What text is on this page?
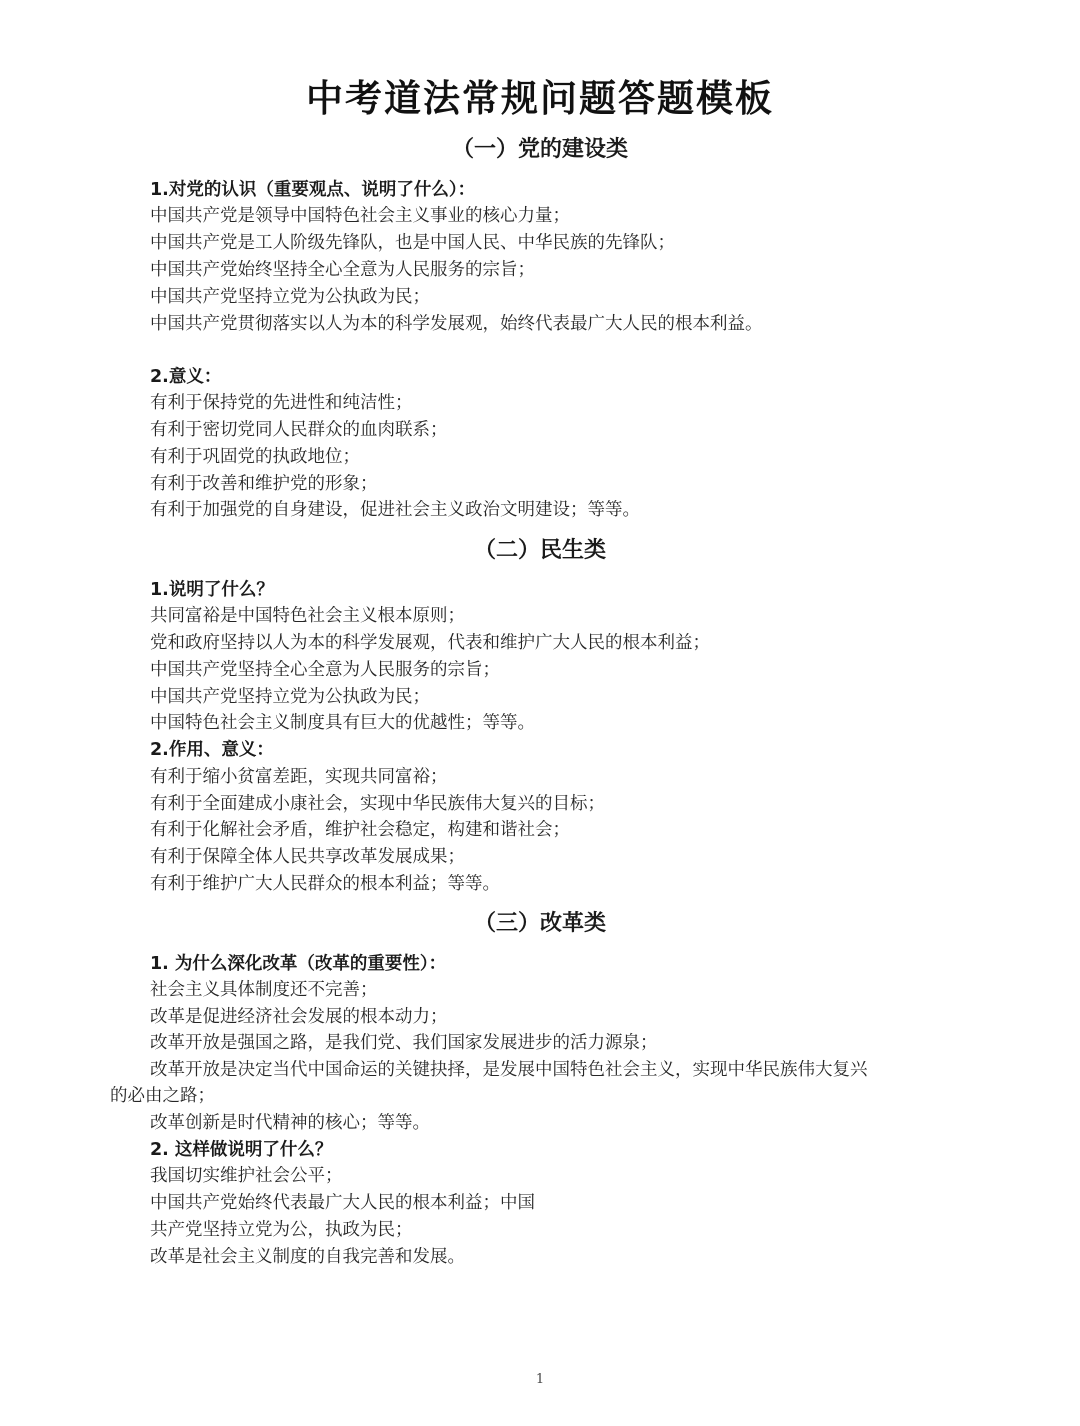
中考道法常规问题答题模板
（一）党的建设类
1.对党的认识（重要观点、说明了什么）：
中国共产党是领导中国特色社会主义事业的核心力量；
中国共产党是工人阶级先锋队，也是中国人民、中华民族的先锋队；
中国共产党始终坚持全心全意为人民服务的宗旨；
中国共产党坚持立党为公执政为民；
中国共产党贯彻落实以人为本的科学发展观，始终代表最广大人民的根本利益。
2.意义：
有利于保持党的先进性和纯洁性；
有利于密切党同人民群众的血肉联系；
有利于巩固党的执政地位；
有利于改善和维护党的形象；
有利于加强党的自身建设，促进社会主义政治文明建设；等等。
（二）民生类
1.说明了什么？
共同富裕是中国特色社会主义根本原则；
党和政府坚持以人为本的科学发展观，代表和维护广大人民的根本利益；
中国共产党坚持全心全意为人民服务的宗旨；
中国共产党坚持立党为公执政为民；
中国特色社会主义制度具有巨大的优越性；等等。
2.作用、意义：
有利于缩小贫富差距，实现共同富裕；
有利于全面建成小康社会，实现中华民族伟大复兴的目标；
有利于化解社会矛盾，维护社会稳定，构建和谐社会；
有利于保障全体人民共享改革发展成果；
有利于维护广大人民群众的根本利益；等等。
（三）改革类
1. 为什么深化改革（改革的重要性）：
社会主义具体制度还不完善；
改革是促进经济社会发展的根本动力；
改革开放是强国之路，是我们党、我们国家发展进步的活力源泉；
改革开放是决定当代中国命运的关键抉择，是发展中国特色社会主义，实现中华民族伟大复兴
的必由之路；
改革创新是时代精神的核心；等等。
2. 这样做说明了什么？
我国切实维护社会公平；
中国共产党始终代表最广大人民的根本利益；中国
共产党坚持立党为公，执政为民；
改革是社会主义制度的自我完善和发展。
1
